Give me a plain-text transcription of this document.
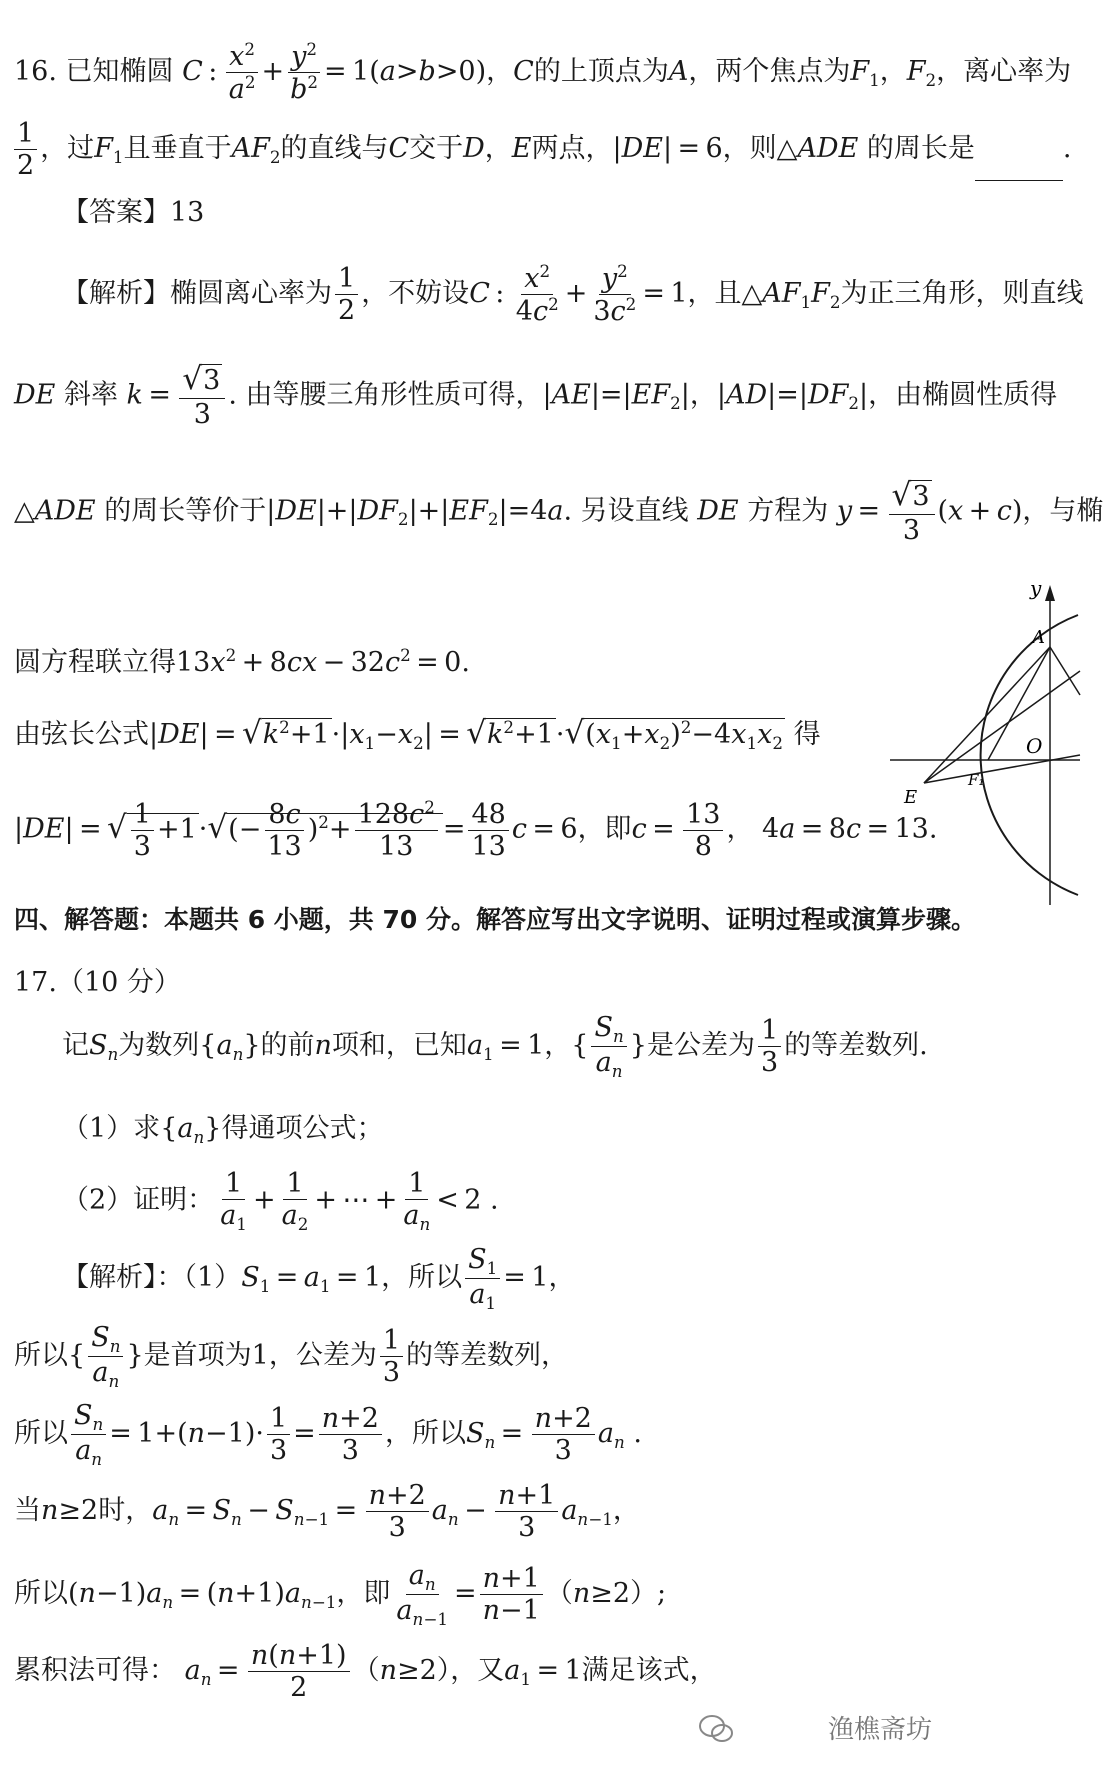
16. 已知椭圆 C :  $\frac{x^2}{a^2} + \frac{y^2}{b^2} = 1(a>b>0)$，C的上顶点为A，两个焦点为$F_1$，$F_2$，离心率为
$\frac{1}{2}$ ，过$F_1$且垂直于$AF_2$的直线与C交于D，E两点，|DE| = 6，则△ADE 的周长是	.
【答案】13
【解析】椭圆离心率为 $\frac{1}{2}$ ，不妨设C :  $\frac{x^2}{4c^2} + \frac{y^2}{3c^2} = 1$，且$\triangle AF_1F_2$为正三角形，则直线
DE 斜率 $k = \frac{√3}{3}$ . 由等腰三角形性质可得，$|AE|=|EF_2|$，$|AD|=|DF_2|$，由椭圆性质得
△ADE 的周长等价于$|DE|+|DF_2|+|EF_2|=4a$. 另设直线 DE 方程为 $y = \frac{√3}{3} (x + c)$，与椭
圆方程联立得$13x^2 + 8cx - 32c^2 = 0$.
由弦长公式$|DE| = √k^2+1\cdot|x_1-x_2| = √k^2+1\cdot√(x_1+x_2)^2-4x_1x_2$ 得
|DE| = √ $\frac{1}{3} +1\cdot√(- \frac{8c}{13} )^2+ \frac{128c^2}{13} = \frac{48}{13}$ c = 6，即$c = \frac{13}{8}$ ， 4a = 8c = 13.
y
A
O
E
F₁
四、解答题：本题共 6 小题，共 70 分。解答应写出文字说明、证明过程或演算步骤。
17.（10 分）
记$S_n$为数列$\{a_n\}$的前n项和，已知$a_1 = 1$，{ $\frac{S_n}{a_n}$ }是公差为 $\frac{1}{3}$ 的等差数列.
（1）求$\{a_n\}$得通项公式；
（2）证明： $\frac{1}{a_1} + \frac{1}{a_2}$ + ⋯ + $\frac{1}{a_n} < 2$ .
【解析】：$(1)S_1 = a_1 = 1$，所以 $\frac{S_1}{a_1} = 1$，
所以{ $\frac{S_n}{a_n}$ }是首项为1，公差为 $\frac{1}{3}$ 的等差数列，
所以 $\frac{S_n}{a_n} = 1+(n-1)\cdot \frac{1}{3} = \frac{n+2}{3}$ ，所以$S_n = \frac{n+2}{3} a_n$ .
当n≥2时，$a_n = S_n - S_{n-1} = \frac{n+2}{3} a_n - \frac{n+1}{3} a_{n-1}$，
所以$(n-1)a_n = (n+1)a_{n-1}$，即 $\frac{a_n}{a_{n-1}} = \frac{n+1}{n-1} (n\ge 2)$;
累积法可得： $a_n = \frac{n(n+1)}{2} (n\ge 2)$，又$a_1 = 1$满足该式，
渔樵斋坊
